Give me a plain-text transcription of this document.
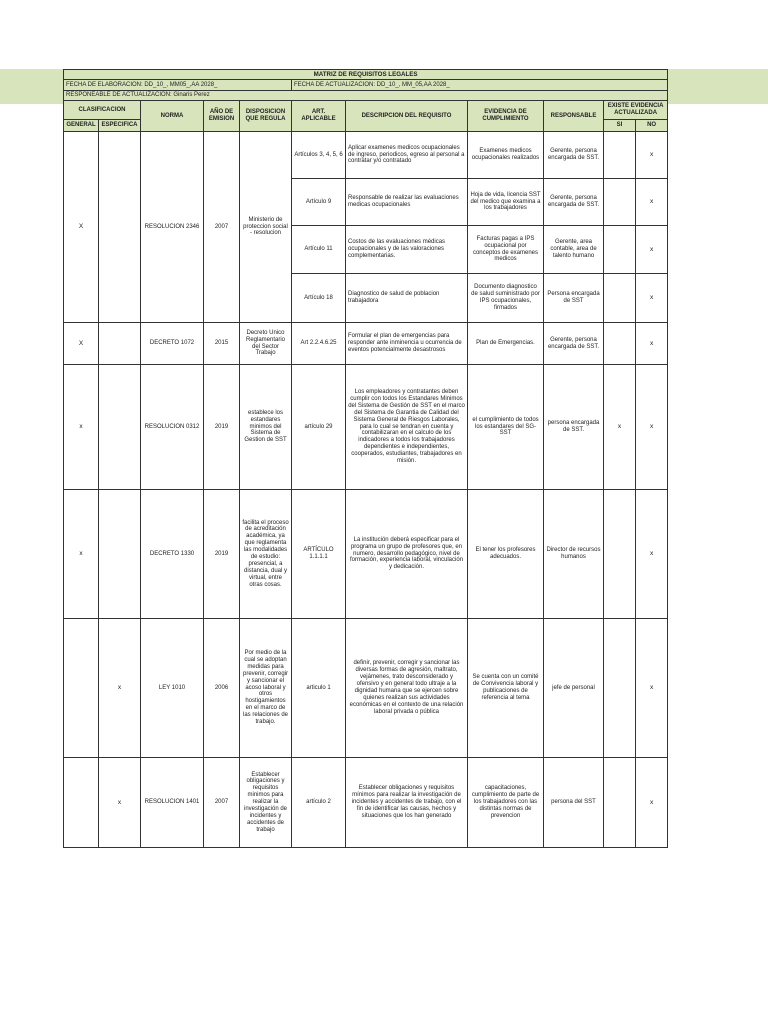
MATRIZ DE REQUISITOS LEGALES										
FECHA DE ELABORACION: DD_10_, MM05_,AA 2028_					FECHA DE ACTUALIZACION: DD_10_, MM_05,AA 2028_					
RESPONEABLE DE ACTUALIZACION: Ginaris Perez										
CLASIFICACION		NORMA	AÑO DE EMISION	DISPOSICION QUE REGULA	ART. APLICABLE	DESCRIPCION DEL REQUISITO	EVIDENCIA DE CUMPLIMIENTO	RESPONSABLE	EXISTE EVIDENCIA ACTUALIZADA	
GENERAL	ESPECIFICA								SI	NO
X		RESOLUCION 2346	2007	Ministerio de proteccion social - resolucion	Artículos 3, 4, 5, 6	Aplicar examenes medicos ocupacionales de ingreso, periodicos, egreso al personal a contratar y/o contratado	Examenes medicos ocupacionales realizados	Gerente, persona encargada de SST.		x
					Artículo 9	Responsable de realizar las evaluaciones medicas ocupacionales	Hoja de vida, licencia SST del medico que examina a los trabajadores	Gerente, persona encargada de SST.		x
					Artículo 11	Costos de las evaluaciones médicas ocupacionales y de las valoraciones complementarias.	Facturas pagas a IPS ocupacional por conceptos de examenes medicos	Gerente, area contable, area de talento humano		x
					Artículo 18	Diagnostico de salud de poblacion trabajadora	Documento diagnostico de salud suministrado por IPS ocupacionales, firmados	Persona encargada de SST		x
X		DECRETO 1072	2015	Decreto Unico Reglamentario del Sector Trabajo	Art 2.2.4.6.25	Formular el plan de emergencias para responder ante inminencia u ocurrencia de eventos potencialmente desastrosos	Plan de Emergencias.	Gerente, persona encargada de SST.		x
x		RESOLUCION 0312	2019	establece los estandares minimos del Sistema de Gestion de SST	artículo 29	Los empleadores y contratantes deben cumplir con todos los Estandares Minimos del Sistema de Gestión de SST en el marco del Sistema de Garantia de Calidad del Sistema General de Riesgos Laborales, para lo cual se tendran en cuenta y contabilizaran en el calculo de los indicadores a todos los trabajadores dependientes e independientes, cooperados, estudiantes, trabajadores en misión.	el cumplimiento de todos los estandares del SG-SST	persona encargada de SST.	x	x
x		DECRETO 1330	2019	facilita el proceso de acreditación académica, ya que reglamenta las modalidades de estudio: presencial, a distancia, dual y virtual, entre otras cosas.	ARTÍCULO 1.1.1.1	La institución deberá especificar para el programa un grupo de profesores que, en numero, desarrollo pedagógico, nivel de formación, experiencia laboral, vinculación y dedicación.	El tener los profesores adecuados.	Director de recursos humanos		x
	x	LEY 1010	2006	Por medio de la cual se adoptan medidas para prevenir, corregir y sancionar el acoso laboral y otros hostigamientos en el marco de las relaciones de trabajo.	articulo 1	definir, prevenir, corregir y sancionar las diversas formas de agresión, maltrato, vejámenes, trato desconsiderado y ofensivo y en general todo ultraje a la dignidad humana que se ejercen sobre quienes realizan sus actividades económicas en el contexto de una relación laboral privada o pública	Se cuenta con un comité de Convivencia laboral y publicaciones de referencia al tema	jefe de personal		x
	x	RESOLUCION 1401	2007	Establecer obligaciones y requisitos minimos para realizar la investigación de incidentes y accidentes de trabajo	artículo 2	Establecer obligaciones y requisitos mínimos para realizar la investigación de incidentes y accidentes de trabajo, con el fin de identificar las causas, hechos y situaciones que los han generado	capacitaciones, cumplimiento de parte de los trabajadores con las distintas normas de prevencion	persona del SST		x
